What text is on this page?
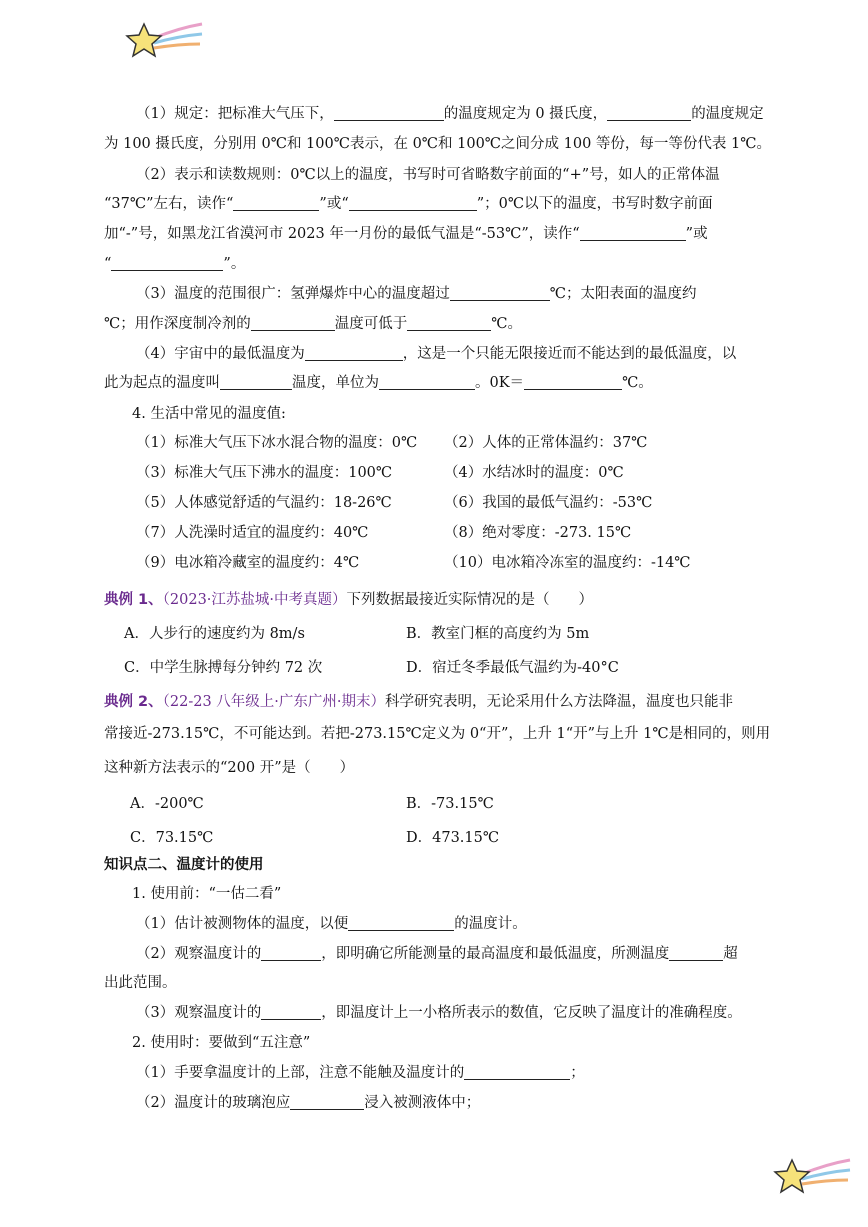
（1）规定：把标准大气压下，	的温度规定为 0 摄氏度，	的温度规定
为 100 摄氏度，分别用 0℃和 100℃表示，在 0℃和 100℃之间分成 100 等份，每一等份代表 1℃。
（2）表示和读数规则：0℃以上的温度，书写时可省略数字前面的“+”号，如人的正常体温
“37℃”左右，读作“	”或“	”；0℃以下的温度，书写时数字前面
加“-”号，如黑龙江省漠河市 2023 年一月份的最低气温是“-53℃”，读作“	”或
“	”。
（3）温度的范围很广：氢弹爆炸中心的温度超过	℃；太阳表面的温度约
℃；用作深度制冷剂的	温度可低于	℃。
（4）宇宙中的最低温度为	，这是一个只能无限接近而不能达到的最低温度，以
此为起点的温度叫	温度，单位为	。0K＝	℃。
4. 生活中常见的温度值:
（1）标准大气压下冰水混合物的温度：0℃ （2）人体的正常体温约：37℃
（3）标准大气压下沸水的温度：100℃	（4）水结冰时的温度：0℃
（5）人体感觉舒适的气温约：18-26℃	（6）我国的最低气温约：-53℃
（7）人洗澡时适宜的温度约：40℃	（8）绝对零度：-273. 15℃
（9）电冰箱冷藏室的温度约：4℃	（10）电冰箱冷冻室的温度约：-14℃
典例 1、（2023·江苏盐城·中考真题）下列数据最接近实际情况的是（　　）
A．人步行的速度约为 8m/s	B．教室门框的高度约为 5m
C．中学生脉搏每分钟约 72 次	D．宿迁冬季最低气温约为-40°C
典例 2、（22-23 八年级上·广东广州·期末）科学研究表明，无论采用什么方法降温，温度也只能非
常接近-273.15℃，不可能达到。若把-273.15℃定义为 0“开”，上升 1“开”与上升 1℃是相同的，则用
这种新方法表示的“200 开”是（　　）
A．-200℃	B．-73.15℃
C．73.15℃	D．473.15℃
知识点二、温度计的使用
1. 使用前：“一估二看”
（1）估计被测物体的温度，以便	的温度计。
（2）观察温度计的	，即明确它所能测量的最高温度和最低温度，所测温度	超
出此范围。
（3）观察温度计的	，即温度计上一小格所表示的数值，它反映了温度计的准确程度。
2. 使用时：要做到“五注意”
（1）手要拿温度计的上部，注意不能触及温度计的	；
（2）温度计的玻璃泡应	浸入被测液体中；
